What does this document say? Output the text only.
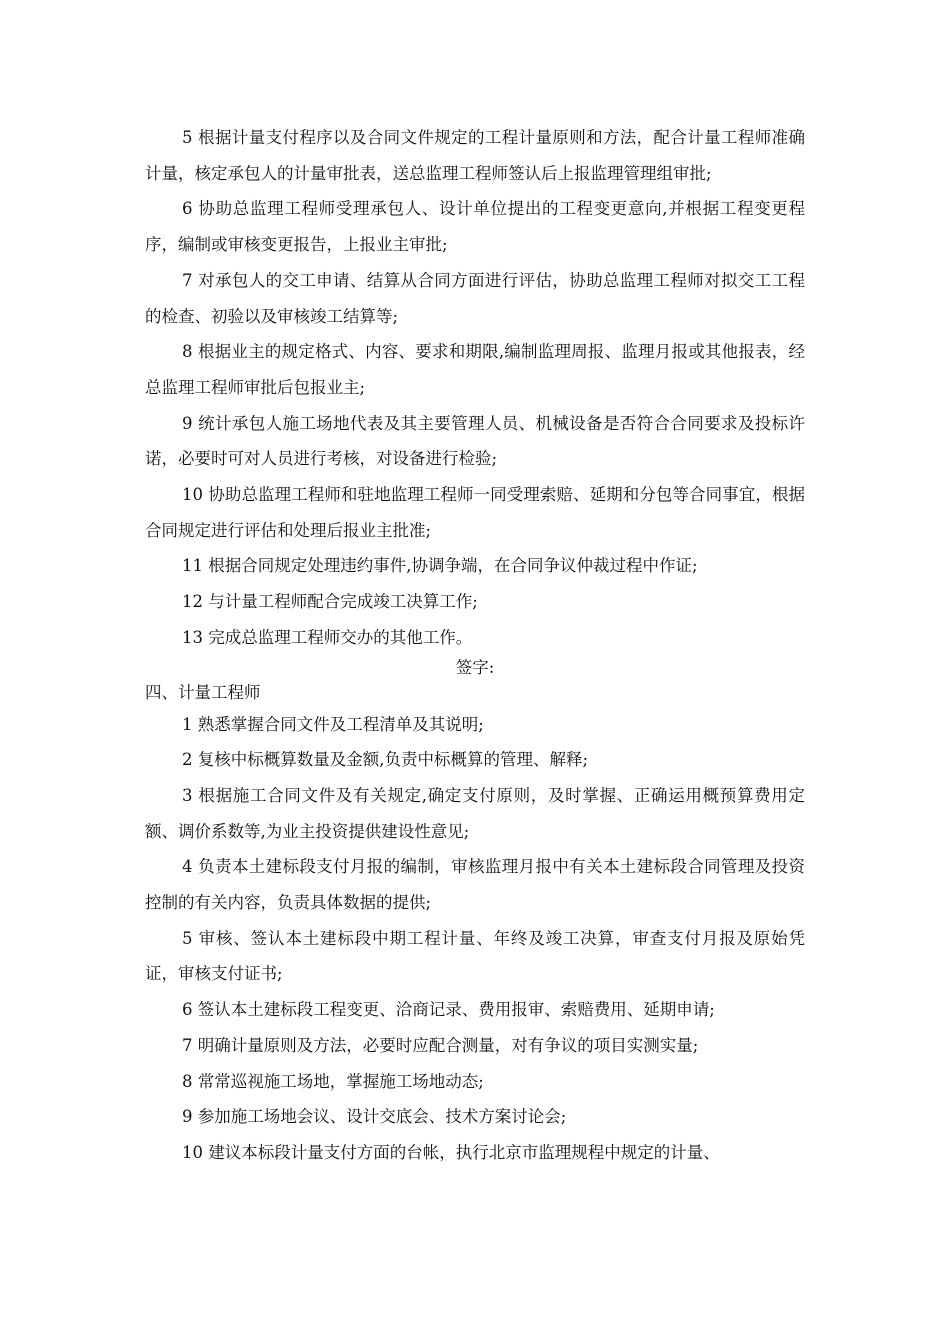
5 根据计量支付程序以及合同文件规定的工程计量原则和方法，配合计量工程师准确计量，核定承包人的计量审批表，送总监理工程师签认后上报监理管理组审批;

6 协助总监理工程师受理承包人、设计单位提出的工程变更意向,并根据工程变更程序，编制或审核变更报告，上报业主审批;

7 对承包人的交工申请、结算从合同方面进行评估，协助总监理工程师对拟交工工程的检查、初验以及审核竣工结算等;

8 根据业主的规定格式、内容、要求和期限,编制监理周报、监理月报或其他报表，经总监理工程师审批后包报业主;

9 统计承包人施工场地代表及其主要管理人员、机械设备是否符合合同要求及投标许诺，必要时可对人员进行考核，对设备进行检验;

10 协助总监理工程师和驻地监理工程师一同受理索赔、延期和分包等合同事宜，根据合同规定进行评估和处理后报业主批准;

11 根据合同规定处理违约事件,协调争端，在合同争议仲裁过程中作证;

12 与计量工程师配合完成竣工决算工作;

13 完成总监理工程师交办的其他工作。

签字:

四、计量工程师

1 熟悉掌握合同文件及工程清单及其说明;

2 复核中标概算数量及金额,负责中标概算的管理、解释;

3 根据施工合同文件及有关规定,确定支付原则，及时掌握、正确运用概预算费用定额、调价系数等,为业主投资提供建设性意见;

4 负责本土建标段支付月报的编制，审核监理月报中有关本土建标段合同管理及投资控制的有关内容，负责具体数据的提供;

5 审核、签认本土建标段中期工程计量、年终及竣工决算，审查支付月报及原始凭证，审核支付证书;

6 签认本土建标段工程变更、洽商记录、费用报审、索赔费用、延期申请;

7 明确计量原则及方法，必要时应配合测量，对有争议的项目实测实量;

8 常常巡视施工场地，掌握施工场地动态;

9 参加施工场地会议、设计交底会、技术方案讨论会;

10 建议本标段计量支付方面的台帐，执行北京市监理规程中规定的计量、
